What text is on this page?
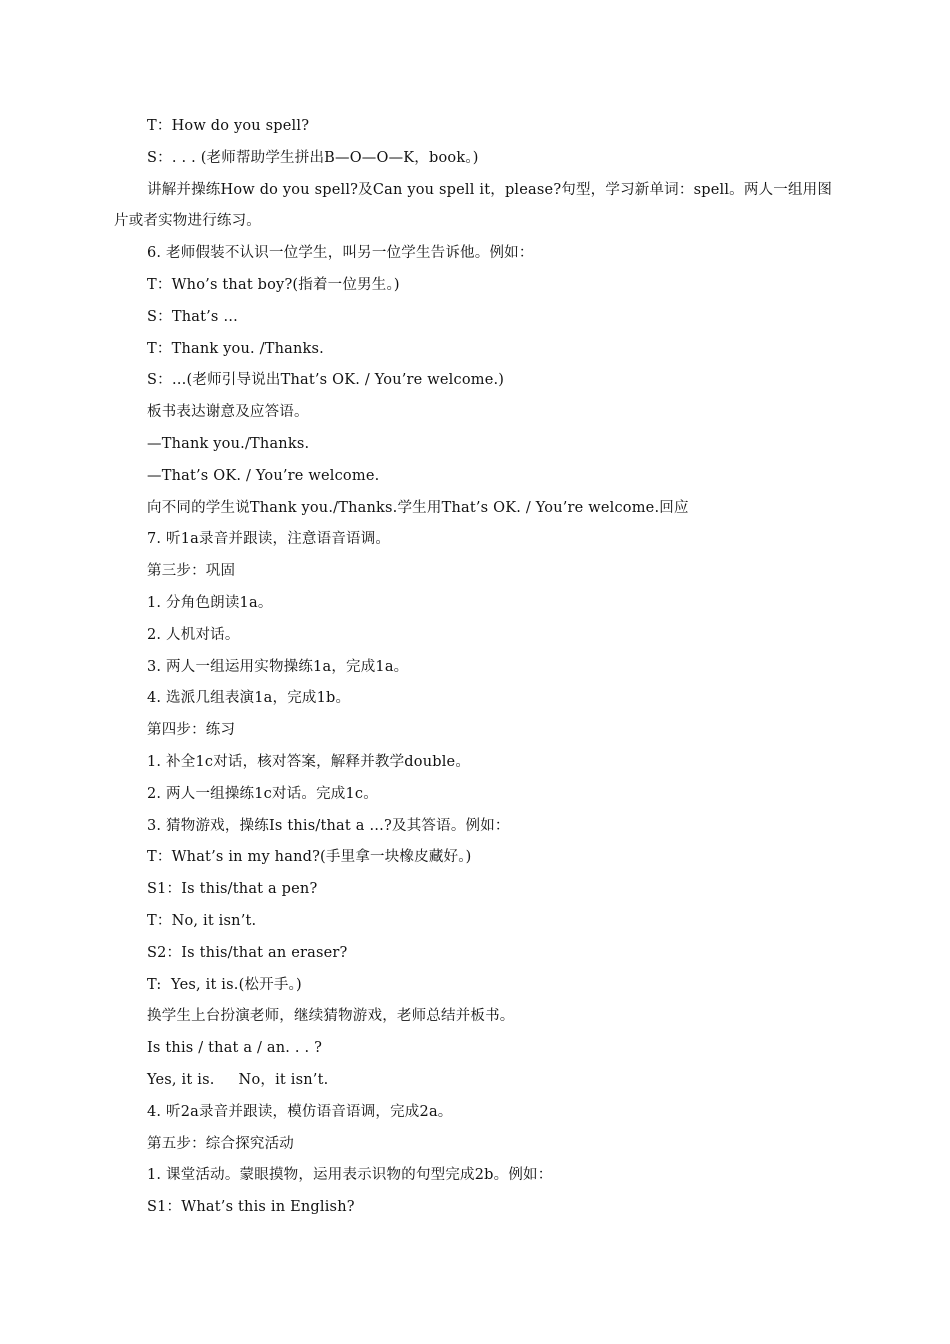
T：How do you spell?
S：. . . (老师帮助学生拼出B—O—O—K，book。)
讲解并操练How do you spell?及Can you spell it，please?句型，学习新单词：spell。两人一组用图片或者实物进行练习。
6. 老师假装不认识一位学生，叫另一位学生告诉他。例如：
T：Who’s that boy?(指着一位男生。)
S：That’s …
T：Thank you. /Thanks.
S：…(老师引导说出That’s OK. / You’re welcome.)
板书表达谢意及应答语。
—Thank you./Thanks.
—That’s OK. / You’re welcome.
向不同的学生说Thank you./Thanks.学生用That’s OK. / You’re welcome.回应
7. 听1a录音并跟读，注意语音语调。
第三步：巩固
1. 分角色朗读1a。
2. 人机对话。
3. 两人一组运用实物操练1a，完成1a。
4. 选派几组表演1a，完成1b。
第四步：练习
1. 补全1c对话，核对答案，解释并教学double。
2. 两人一组操练1c对话。完成1c。
3. 猜物游戏，操练Is this/that a …?及其答语。例如：
T：What’s in my hand?(手里拿一块橡皮藏好。)
S1：Is this/that a pen?
T：No, it isn’t.
S2：Is this/that an eraser?
T:  Yes, it is.(松开手。)
换学生上台扮演老师，继续猜物游戏，老师总结并板书。
Is this / that a / an. . . ?
Yes, it is.     No，it isn’t.
4. 听2a录音并跟读，模仿语音语调，完成2a。
第五步：综合探究活动
1. 课堂活动。蒙眼摸物，运用表示识物的句型完成2b。例如：
S1：What’s this in English?
